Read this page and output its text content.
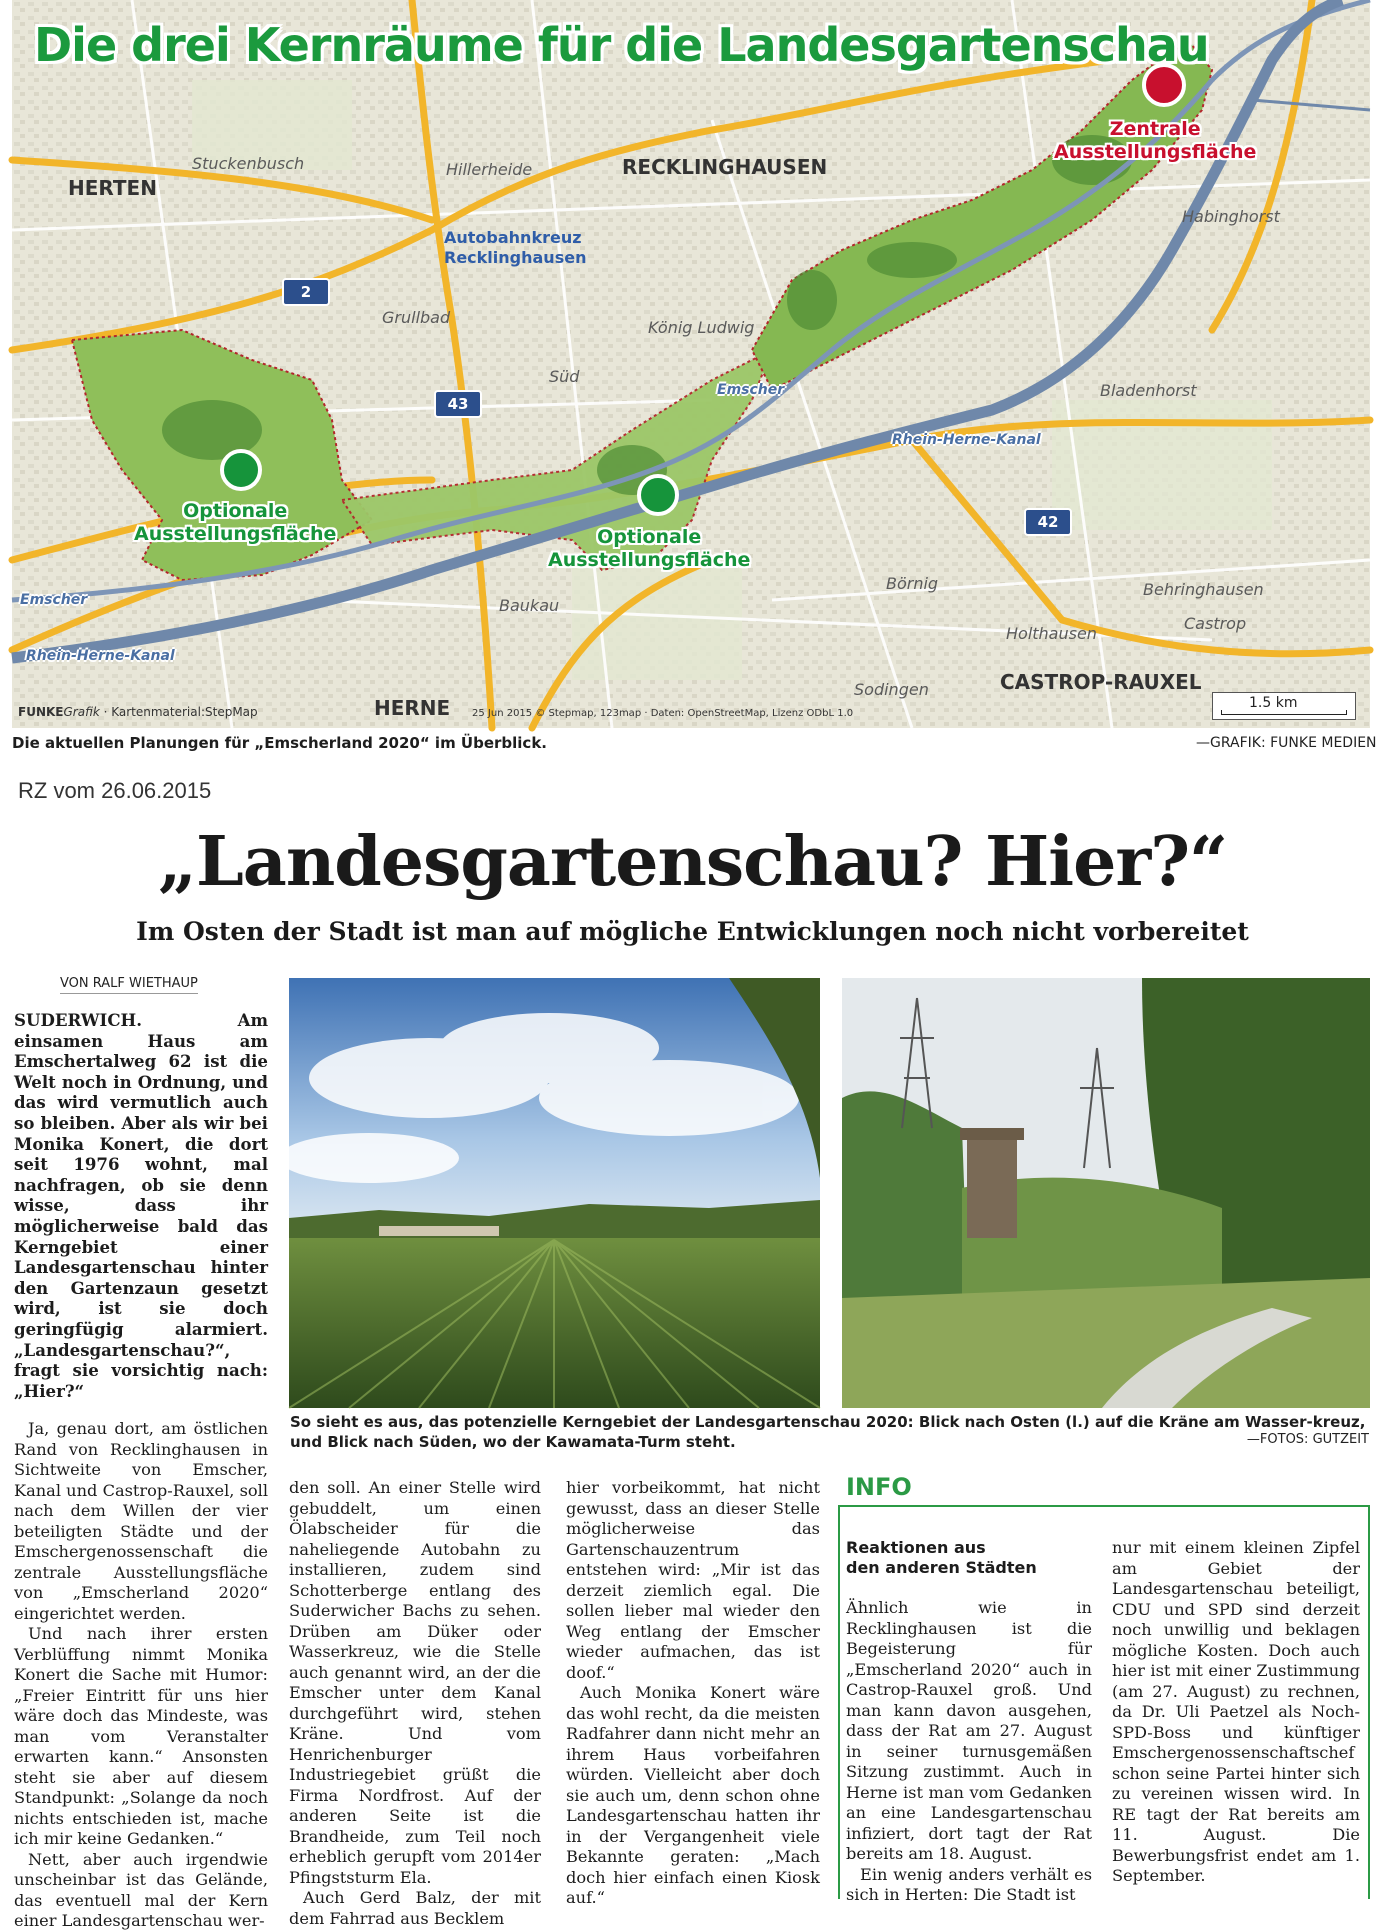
Die drei Kernräume für die Landesgartenschau
HERTEN
RECKLINGHAUSEN
HERNE
CASTROP-RAUXEL
Stuckenbusch	Hillerheide
Grullbad
König Ludwig
Süd
Bladenhorst
Habinghorst
Baukau
Börnig	Behringhausen
Holthausen
Castrop
Sodingen
Autobahnkreuz
Recklinghausen
Emscher
Emscher
Rhein-Herne-Kanal
Rhein-Herne-Kanal
2
43
42
Optionale
Ausstellungsfläche	Optionale
Ausstellungsfläche
Zentrale
Ausstellungsfläche
FUNKEGrafik · Kartenmaterial:StepMap	25 Jun 2015 © Stepmap, 123map · Daten: OpenStreetMap, Lizenz ODbL 1.0
1.5 km
Die aktuellen Planungen für „Emscherland 2020“ im Überblick.	—GRAFIK: FUNKE MEDIEN
RZ vom 26.06.2015
„Landesgartenschau? Hier?“
Im Osten der Stadt ist man auf mögliche Entwicklungen noch nicht vorbereitet
VON RALF WIETHAUP
So sieht es aus, das potenzielle Kerngebiet der Landesgartenschau 2020: Blick nach Osten (l.) auf die Kräne am Wasser-kreuz, und Blick nach Süden, wo der Kawamata-Turm steht.	—FOTOS: GUTZEIT

SUDERWICH. Am einsamen Haus am Emschertalweg 62 ist die Welt noch in Ordnung, und das wird vermutlich auch so bleiben. Aber als wir bei Monika Konert, die dort seit 1976 wohnt, mal nachfragen, ob sie denn wisse, dass ihr möglicherweise bald das Kerngebiet einer Landesgartenschau hinter den Gartenzaun gesetzt wird, ist sie doch geringfügig alarmiert. „Landesgartenschau?“, fragt sie vorsichtig nach: „Hier?“

Ja, genau dort, am östlichen Rand von Recklinghausen in Sichtweite von Emscher, Kanal und Castrop-Rauxel, soll nach dem Willen der vier beteiligten Städte und der Emschergenossenschaft die zentrale Ausstellungsfläche von „Emscherland 2020“ eingerichtet werden.

Und nach ihrer ersten Verblüffung nimmt Monika Konert die Sache mit Humor: „Freier Eintritt für uns hier wäre doch das Mindeste, was man vom Veranstalter erwarten kann.“ Ansonsten steht sie aber auf diesem Standpunkt: „Solange da noch nichts entschieden ist, mache ich mir keine Gedanken.“

Nett, aber auch irgendwie unscheinbar ist das Gelände, das eventuell mal der Kern einer Landesgartenschau wer-

den soll. An einer Stelle wird gebuddelt, um einen Ölabscheider für die naheliegende Autobahn zu installieren, zudem sind Schotterberge entlang des Suderwicher Bachs zu sehen. Drüben am Düker oder Wasserkreuz, wie die Stelle auch genannt wird, an der die Emscher unter dem Kanal durchgeführt wird, stehen Kräne. Und vom Henrichenburger Industriegebiet grüßt die Firma Nordfrost. Auf der anderen Seite ist die Brandheide, zum Teil noch erheblich gerupft vom 2014er Pfingststurm Ela.

Auch Gerd Balz, der mit dem Fahrrad aus Becklem

hier vorbeikommt, hat nicht gewusst, dass an dieser Stelle möglicherweise das Gartenschauzentrum entstehen wird: „Mir ist das derzeit ziemlich egal. Die sollen lieber mal wieder den Weg entlang der Emscher wieder aufmachen, das ist doof.“

Auch Monika Konert wäre das wohl recht, da die meisten Radfahrer dann nicht mehr an ihrem Haus vorbeifahren würden. Vielleicht aber doch sie auch um, denn schon ohne Landesgartenschau hatten ihr in der Vergangenheit viele Bekannte geraten: „Mach doch hier einfach einen Kiosk auf.“

INFO
Reaktionen aus
den anderen Städten

Ähnlich wie in Recklinghausen ist die Begeisterung für „Emscherland 2020“ auch in Castrop-Rauxel groß. Und man kann davon ausgehen, dass der Rat am 27. August in seiner turnusgemäßen Sitzung zustimmt. Auch in Herne ist man vom Gedanken an eine Landesgartenschau infiziert, dort tagt der Rat bereits am 18. August.

Ein wenig anders verhält es sich in Herten: Die Stadt ist

nur mit einem kleinen Zipfel am Gebiet der Landesgartenschau beteiligt, CDU und SPD sind derzeit noch unwillig und beklagen mögliche Kosten. Doch auch hier ist mit einer Zustimmung (am 27. August) zu rechnen, da Dr. Uli Paetzel als Noch-SPD-Boss und künftiger Emschergenossenschaftschef schon seine Partei hinter sich zu vereinen wissen wird. In RE tagt der Rat bereits am 11. August. Die Bewerbungsfrist endet am 1. September.
